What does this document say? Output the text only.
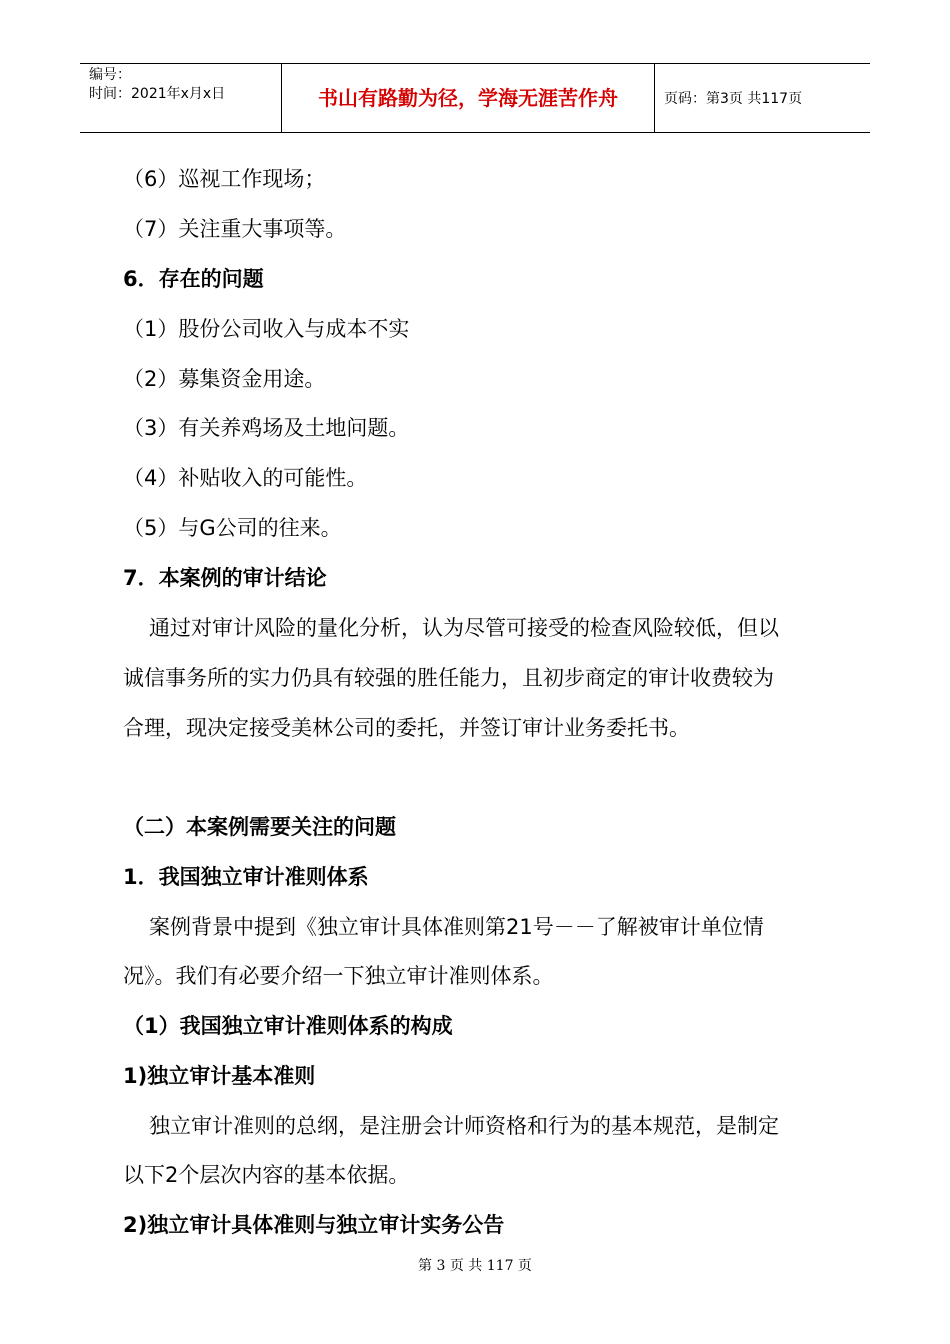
编号：
时间：2021年x月x日	书山有路勤为径，学海无涯苦作舟	页码：第3页 共117页
（6）巡视工作现场；
（7）关注重大事项等。
6．存在的问题
（1）股份公司收入与成本不实
（2）募集资金用途。
（3）有关养鸡场及土地问题。
（4）补贴收入的可能性。
（5）与G公司的往来。
7．本案例的审计结论
通过对审计风险的量化分析，认为尽管可接受的检查风险较低，但以
诚信事务所的实力仍具有较强的胜任能力，且初步商定的审计收费较为
合理，现决定接受美林公司的委托，并签订审计业务委托书。
（二）本案例需要关注的问题
1．我国独立审计准则体系
案例背景中提到《独立审计具体准则第21号－－了解被审计单位情
况》。我们有必要介绍一下独立审计准则体系。
（1）我国独立审计准则体系的构成
1)独立审计基本准则
独立审计准则的总纲，是注册会计师资格和行为的基本规范，是制定
以下2个层次内容的基本依据。
2)独立审计具体准则与独立审计实务公告
第 3 页 共 117 页
